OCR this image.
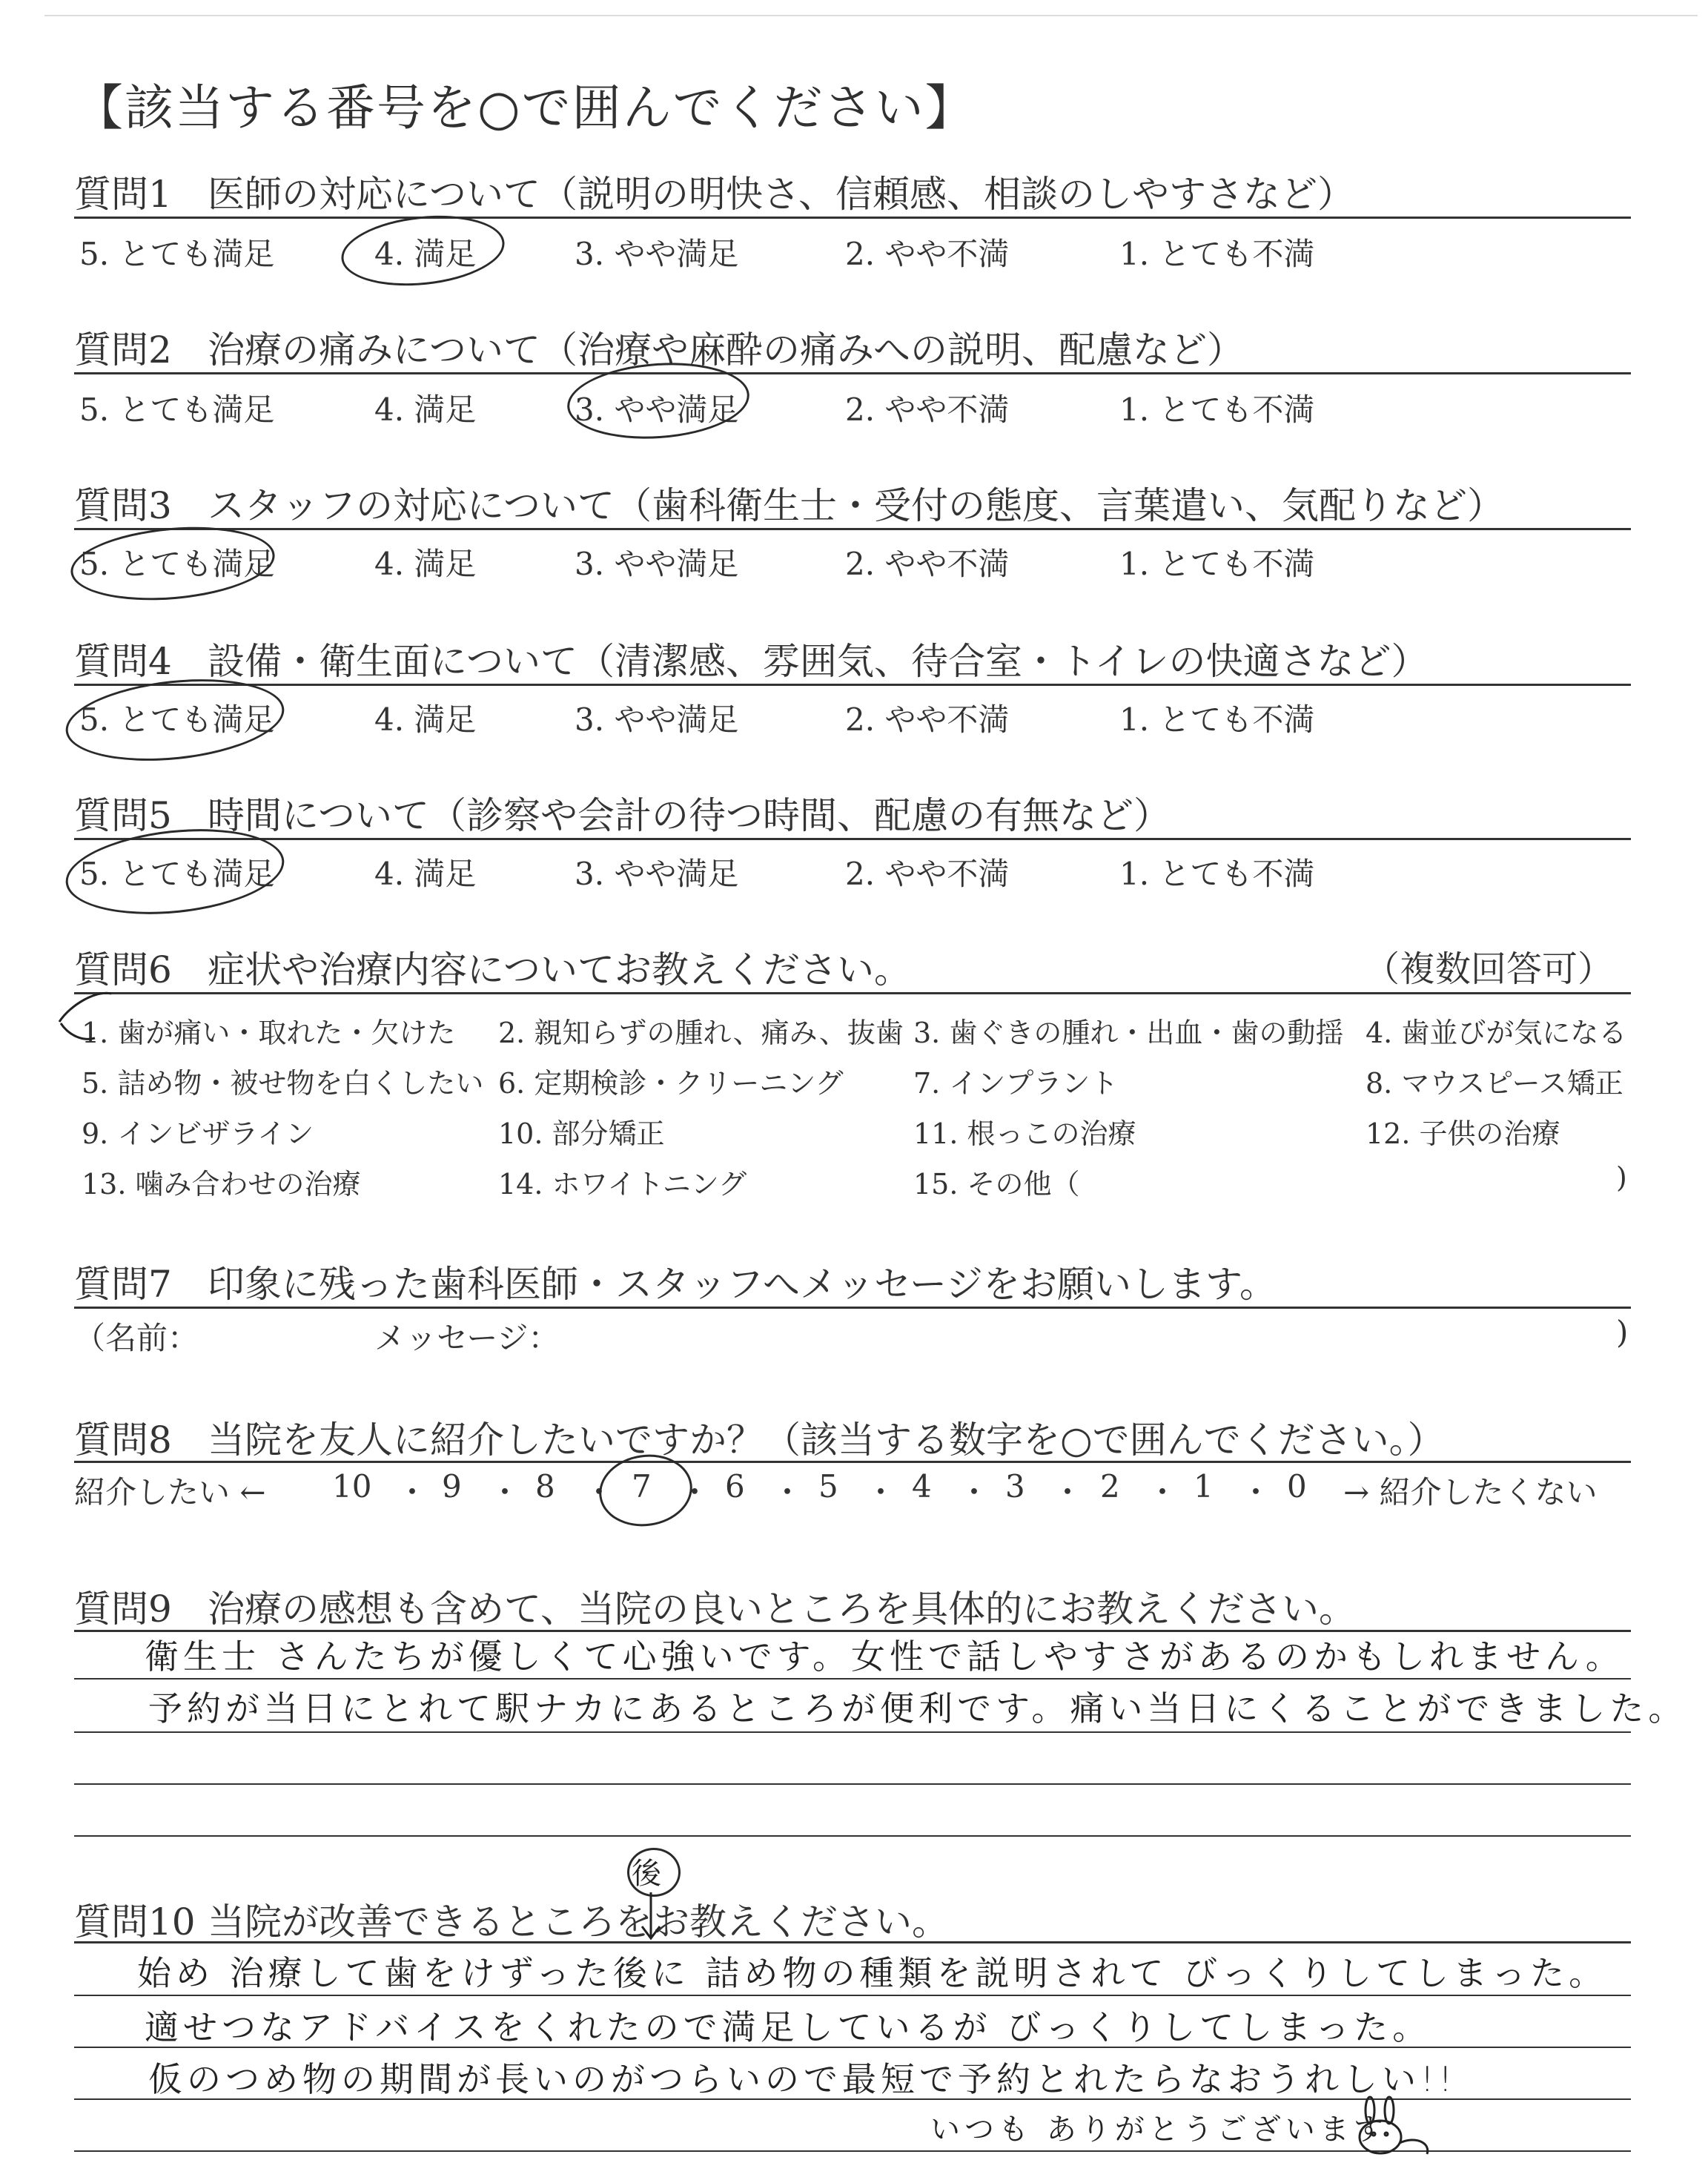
【該当する番号を○で囲んでください】
質問1 医師の対応について（説明の明快さ、信頼感、相談のしやすさなど）
5. とても満足	4. 満足	3. やや満足	2. やや不満	1. とても不満
質問2 治療の痛みについて（治療や麻酔の痛みへの説明、配慮など）
5. とても満足	4. 満足	3. やや満足	2. やや不満	1. とても不満
質問3 スタッフの対応について（歯科衛生士・受付の態度、言葉遣い、気配りなど）
5. とても満足	4. 満足	3. やや満足	2. やや不満	1. とても不満
質問4 設備・衛生面について（清潔感、雰囲気、待合室・トイレの快適さなど）
5. とても満足	4. 満足	3. やや満足	2. やや不満	1. とても不満
質問5 時間について（診察や会計の待つ時間、配慮の有無など）
5. とても満足	4. 満足	3. やや満足	2. やや不満	1. とても不満
質問6 症状や治療内容についてお教えください。	（複数回答可）
1. 歯が痛い・取れた・欠けた 2. 親知らずの腫れ、痛み、抜歯 3. 歯ぐきの腫れ・出血・歯の動揺 4. 歯並びが気になる
5. 詰め物・被せ物を白くしたい 6. 定期検診・クリーニング 7. インプラント	8. マウスピース矯正
9. インビザライン	10. 部分矯正	11. 根っこの治療	12. 子供の治療
13. 噛み合わせの治療	14. ホワイトニング	15. その他（	)
質問7 印象に残った歯科医師・スタッフへメッセージをお願いします。
（名前：	メッセージ：	)
質問8 当院を友人に紹介したいですか？（該当する数字を○で囲んでください。）
紹介したい ← 10 ・ 9 ・ 8 ・ 7 ・ 6 ・ 5 ・ 4 ・ 3 ・ 2 ・ 1 ・ 0 → 紹介したくない
質問9 治療の感想も含めて、当院の良いところを具体的にお教えください。
衛生士 さんたちが優しくて心強いです。女性で話しやすさがあるのかもしれません。
予約が当日にとれて駅ナカにあるところが便利です。痛い当日にくることができました。
質問10 当院が改善できるところをお教えください。
後
始め 治療して歯をけずった後に 詰め物の種類を説明されて びっくりしてしまった。
適せつなアドバイスをくれたので満足しているが びっくりしてしまった。
仮のつめ物の期間が長いのがつらいので最短で予約とれたらなおうれしい!!
いつも ありがとうございます
